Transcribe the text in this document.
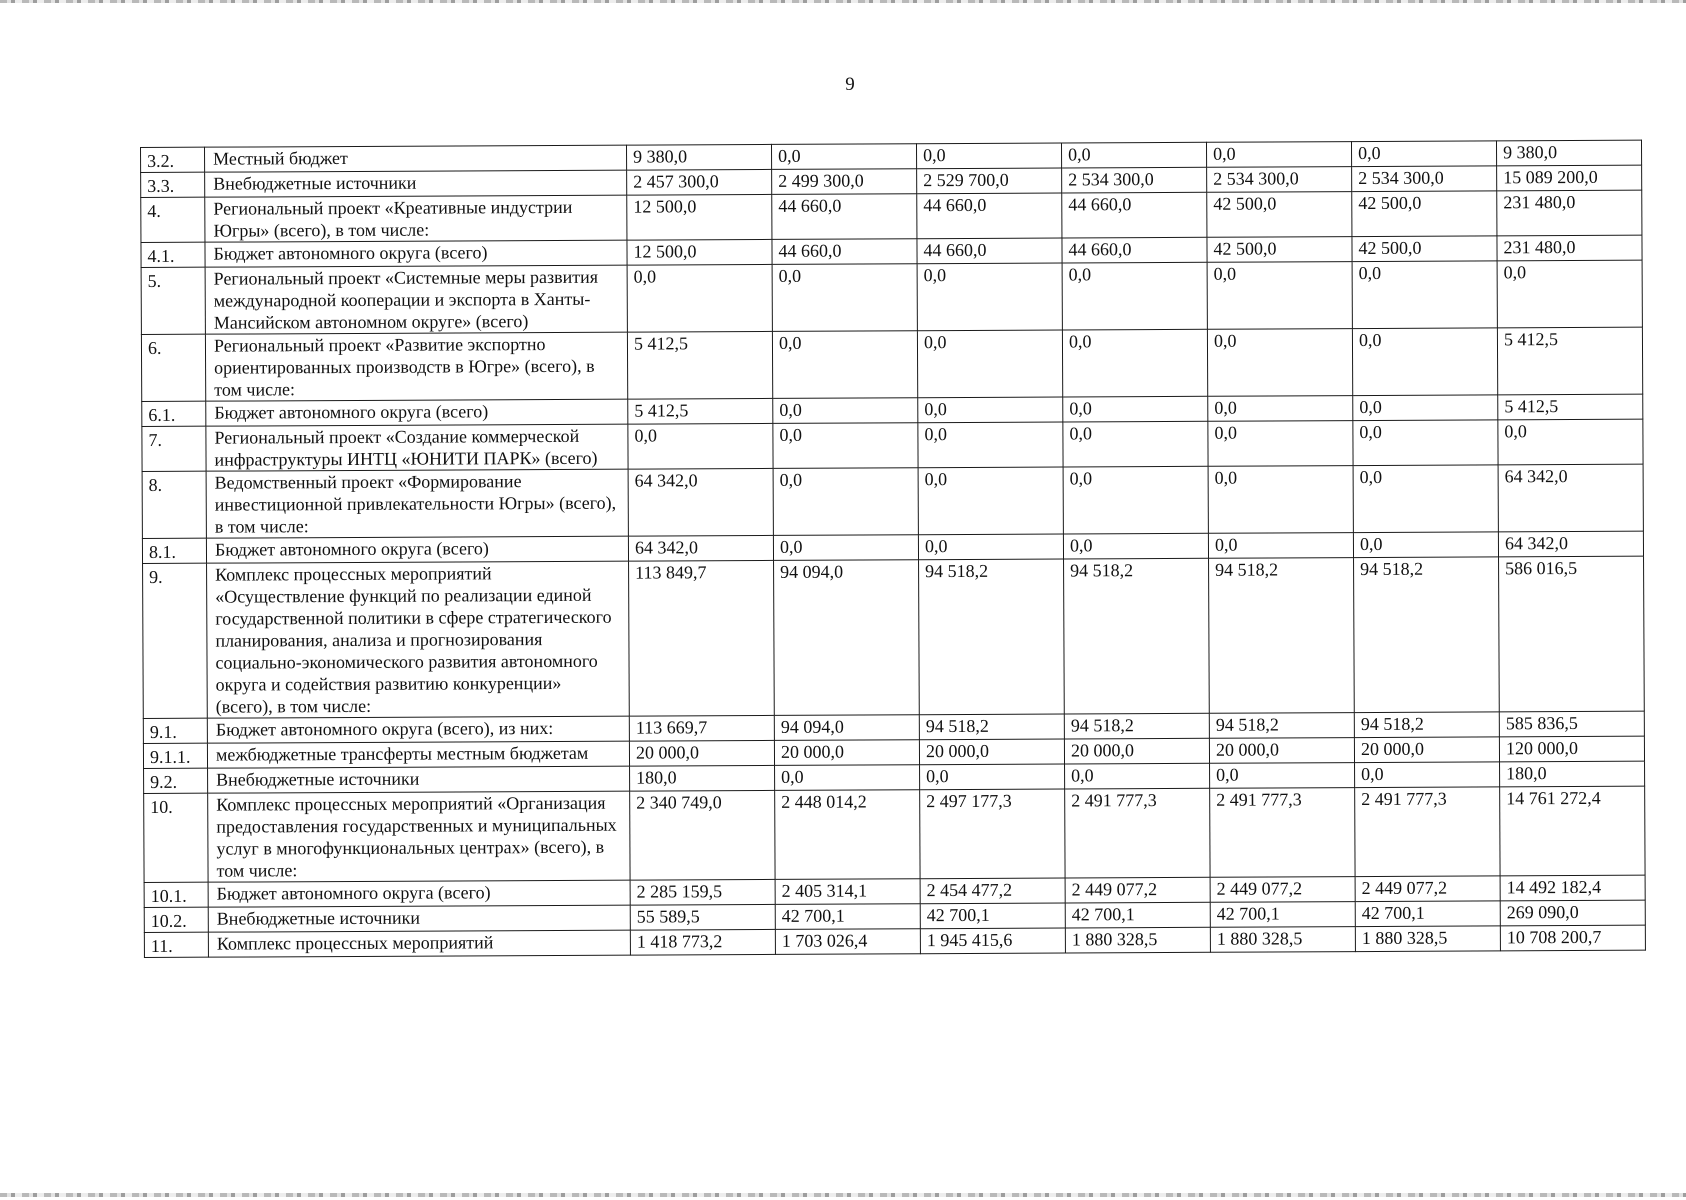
9
3.2.	Местный бюджет	9 380,0	0,0	0,0	0,0	0,0	0,0	9 380,0
3.3.	Внебюджетные источники	2 457 300,0	2 499 300,0	2 529 700,0	2 534 300,0	2 534 300,0	2 534 300,0	15 089 200,0
4.	Региональный проект «Креативные индустрии Югры» (всего), в том числе:	12 500,0	44 660,0	44 660,0	44 660,0	42 500,0	42 500,0	231 480,0
4.1.	Бюджет автономного округа (всего)	12 500,0	44 660,0	44 660,0	44 660,0	42 500,0	42 500,0	231 480,0
5.	Региональный проект «Системные меры развития международной кооперации и экспорта в Ханты-Мансийском автономном округе» (всего)	0,0	0,0	0,0	0,0	0,0	0,0	0,0
6.	Региональный проект «Развитие экспортно ориентированных производств в Югре» (всего), в том числе:	5 412,5	0,0	0,0	0,0	0,0	0,0	5 412,5
6.1.	Бюджет автономного округа (всего)	5 412,5	0,0	0,0	0,0	0,0	0,0	5 412,5
7.	Региональный проект «Создание коммерческой инфраструктуры ИНТЦ «ЮНИТИ ПАРК» (всего)	0,0	0,0	0,0	0,0	0,0	0,0	0,0
8.	Ведомственный проект «Формирование инвестиционной привлекательности Югры» (всего), в том числе:	64 342,0	0,0	0,0	0,0	0,0	0,0	64 342,0
8.1.	Бюджет автономного округа (всего)	64 342,0	0,0	0,0	0,0	0,0	0,0	64 342,0
9.	Комплекс процессных мероприятий «Осуществление функций по реализации единой государственной политики в сфере стратегического планирования, анализа и прогнозирования социально-экономического развития автономного округа и содействия развитию конкуренции» (всего), в том числе:	113 849,7	94 094,0	94 518,2	94 518,2	94 518,2	94 518,2	586 016,5
9.1.	Бюджет автономного округа (всего), из них:	113 669,7	94 094,0	94 518,2	94 518,2	94 518,2	94 518,2	585 836,5
9.1.1.	межбюджетные трансферты местным бюджетам	20 000,0	20 000,0	20 000,0	20 000,0	20 000,0	20 000,0	120 000,0
9.2.	Внебюджетные источники	180,0	0,0	0,0	0,0	0,0	0,0	180,0
10.	Комплекс процессных мероприятий «Организация предоставления государственных и муниципальных услуг в многофункциональных центрах» (всего), в том числе:	2 340 749,0	2 448 014,2	2 497 177,3	2 491 777,3	2 491 777,3	2 491 777,3	14 761 272,4
10.1.	Бюджет автономного округа (всего)	2 285 159,5	2 405 314,1	2 454 477,2	2 449 077,2	2 449 077,2	2 449 077,2	14 492 182,4
10.2.	Внебюджетные источники	55 589,5	42 700,1	42 700,1	42 700,1	42 700,1	42 700,1	269 090,0
11.	Комплекс процессных мероприятий	1 418 773,2	1 703 026,4	1 945 415,6	1 880 328,5	1 880 328,5	1 880 328,5	10 708 200,7
